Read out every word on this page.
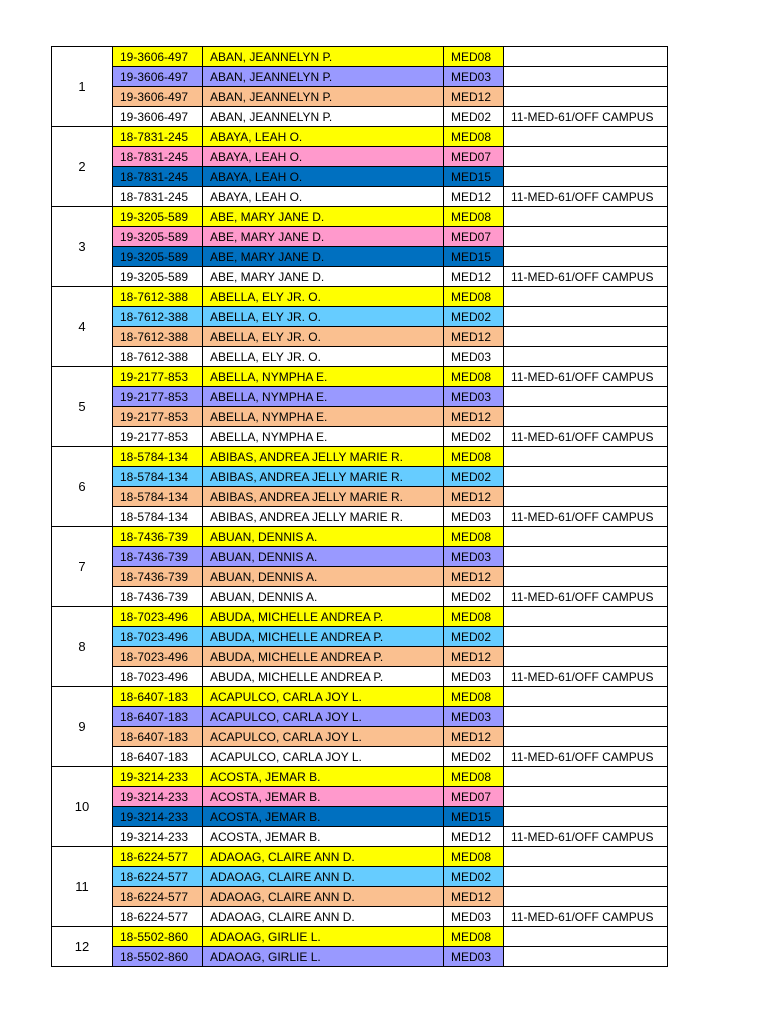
1	19-3606-497	ABAN, JEANNELYN P.	MED08	
	19-3606-497	ABAN, JEANNELYN P.	MED03	
	19-3606-497	ABAN, JEANNELYN P.	MED12	
	19-3606-497	ABAN, JEANNELYN P.	MED02	11-MED-61/OFF CAMPUS
2	18-7831-245	ABAYA, LEAH O.	MED08	
	18-7831-245	ABAYA, LEAH O.	MED07	
	18-7831-245	ABAYA, LEAH O.	MED15	
	18-7831-245	ABAYA, LEAH O.	MED12	11-MED-61/OFF CAMPUS
3	19-3205-589	ABE, MARY JANE D.	MED08	
	19-3205-589	ABE, MARY JANE D.	MED07	
	19-3205-589	ABE, MARY JANE D.	MED15	
	19-3205-589	ABE, MARY JANE D.	MED12	11-MED-61/OFF CAMPUS
4	18-7612-388	ABELLA, ELY JR. O.	MED08	
	18-7612-388	ABELLA, ELY JR. O.	MED02	
	18-7612-388	ABELLA, ELY JR. O.	MED12	
	18-7612-388	ABELLA, ELY JR. O.	MED03	
5	19-2177-853	ABELLA, NYMPHA E.	MED08	11-MED-61/OFF CAMPUS
	19-2177-853	ABELLA, NYMPHA E.	MED03	
	19-2177-853	ABELLA, NYMPHA E.	MED12	
	19-2177-853	ABELLA, NYMPHA E.	MED02	11-MED-61/OFF CAMPUS
6	18-5784-134	ABIBAS, ANDREA JELLY MARIE R.	MED08	
	18-5784-134	ABIBAS, ANDREA JELLY MARIE R.	MED02	
	18-5784-134	ABIBAS, ANDREA JELLY MARIE R.	MED12	
	18-5784-134	ABIBAS, ANDREA JELLY MARIE R.	MED03	11-MED-61/OFF CAMPUS
7	18-7436-739	ABUAN, DENNIS A.	MED08	
	18-7436-739	ABUAN, DENNIS A.	MED03	
	18-7436-739	ABUAN, DENNIS A.	MED12	
	18-7436-739	ABUAN, DENNIS A.	MED02	11-MED-61/OFF CAMPUS
8	18-7023-496	ABUDA, MICHELLE ANDREA P.	MED08	
	18-7023-496	ABUDA, MICHELLE ANDREA P.	MED02	
	18-7023-496	ABUDA, MICHELLE ANDREA P.	MED12	
	18-7023-496	ABUDA, MICHELLE ANDREA P.	MED03	11-MED-61/OFF CAMPUS
9	18-6407-183	ACAPULCO, CARLA JOY L.	MED08	
	18-6407-183	ACAPULCO, CARLA JOY L.	MED03	
	18-6407-183	ACAPULCO, CARLA JOY L.	MED12	
	18-6407-183	ACAPULCO, CARLA JOY L.	MED02	11-MED-61/OFF CAMPUS
10	19-3214-233	ACOSTA, JEMAR B.	MED08	
	19-3214-233	ACOSTA, JEMAR B.	MED07	
	19-3214-233	ACOSTA, JEMAR B.	MED15	
	19-3214-233	ACOSTA, JEMAR B.	MED12	11-MED-61/OFF CAMPUS
11	18-6224-577	ADAOAG, CLAIRE ANN D.	MED08	
	18-6224-577	ADAOAG, CLAIRE ANN D.	MED02	
	18-6224-577	ADAOAG, CLAIRE ANN D.	MED12	
	18-6224-577	ADAOAG, CLAIRE ANN D.	MED03	11-MED-61/OFF CAMPUS
12	18-5502-860	ADAOAG, GIRLIE L.	MED08	
	18-5502-860	ADAOAG, GIRLIE L.	MED03	
